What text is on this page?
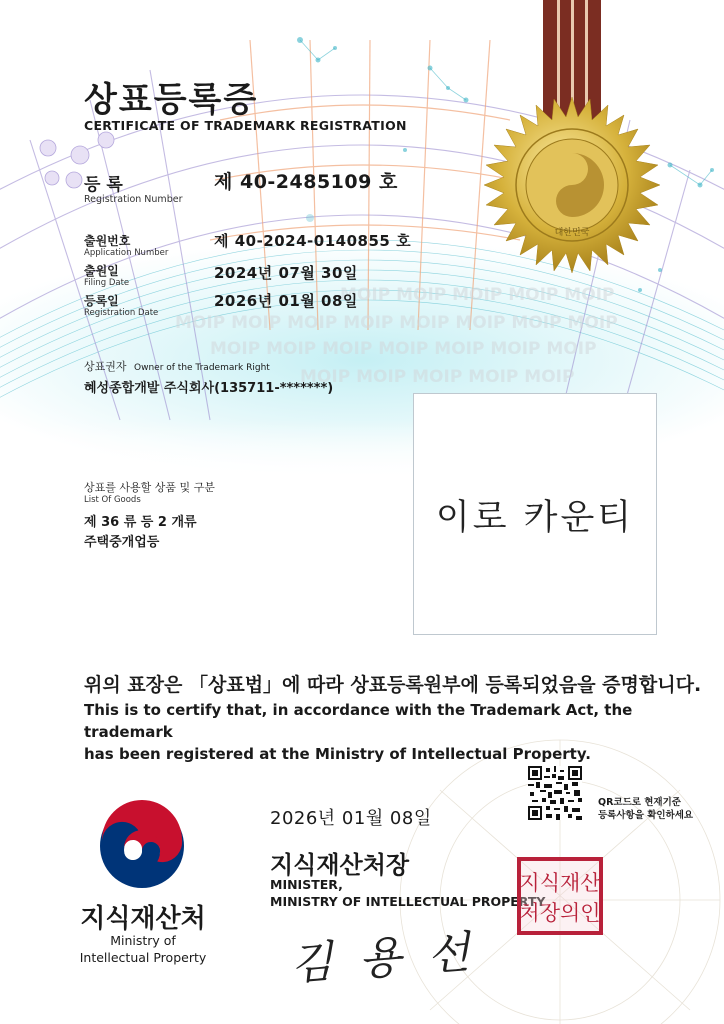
MOIP MOIP MOIP MOIP MOIP
MOIP MOIP MOIP MOIP MOIP MOIP MOIP MOIP
MOIP MOIP MOIP MOIP MOIP MOIP MOIP
MOIP MOIP MOIP MOIP MOIP
대한민국
상표등록증
CERTIFICATE OF TRADEMARK REGISTRATION
등록
Registration Number
제 40-2485109 호
출원번호
Application Number
제 40-2024-0140855 호
출원일
Filing Date
2024년 07월 30일
등록일
Registration Date
2026년 01월 08일
상표권자 Owner of the Trademark Right
혜성종합개발 주식회사(135711-*******)
상표를 사용할 상품 및 구분
List Of Goods
제 36 류 등 2 개류
주택중개업등
이로 카운티
위의 표장은 「상표법」에 따라 상표등록원부에 등록되었음을 증명합니다.
This is to certify that, in accordance with the Trademark Act, the trademark
has been registered at the Ministry of Intellectual Property.
QR코드로 현재기준
등록사항을 확인하세요
2026년 01월 08일
지식재산처장
MINISTER,
MINISTRY OF INTELLECTUAL PROPERTY
지식재산
처장의인
김 용 선
지식재산처
Ministry of
Intellectual Property
